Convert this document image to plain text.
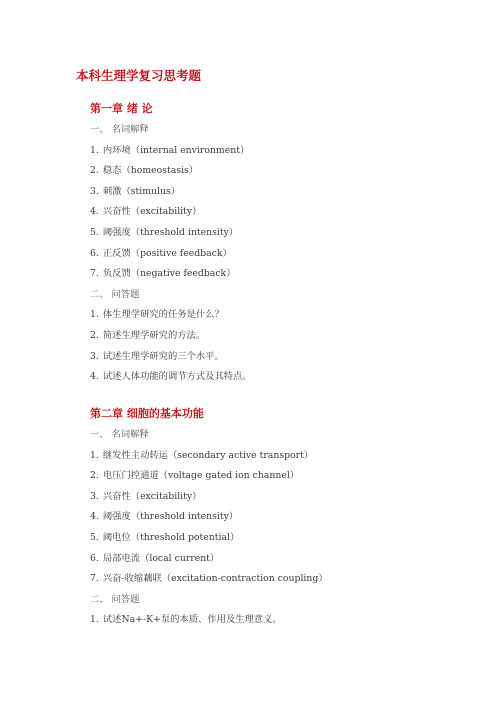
本科生理学复习思考题
第一章 绪 论
一、 名词解释
1. 内环境（internal environment）
2. 稳态（homeostasis）
3. 刺激（stimulus）
4. 兴奋性（excitability）
5. 阈强度（threshold intensity）
6. 正反馈（positive feedback）
7. 负反馈（negative feedback）
二、 问答题
1. 体生理学研究的任务是什么？
2. 简述生理学研究的方法。
3. 试述生理学研究的三个水平。
4. 试述人体功能的调节方式及其特点。
第二章 细胞的基本功能
一、 名词解释
1. 继发性主动转运（secondary active transport）
2. 电压门控通道（voltage gated ion channel）
3. 兴奋性（excitability）
4. 阈强度（threshold intensity）
5. 阈电位（threshold potential）
6. 局部电流（local current）
7. 兴奋-收缩藕联（excitation-contraction coupling）
二、 问答题
1. 试述Na+-K+泵的本质、作用及生理意义。
